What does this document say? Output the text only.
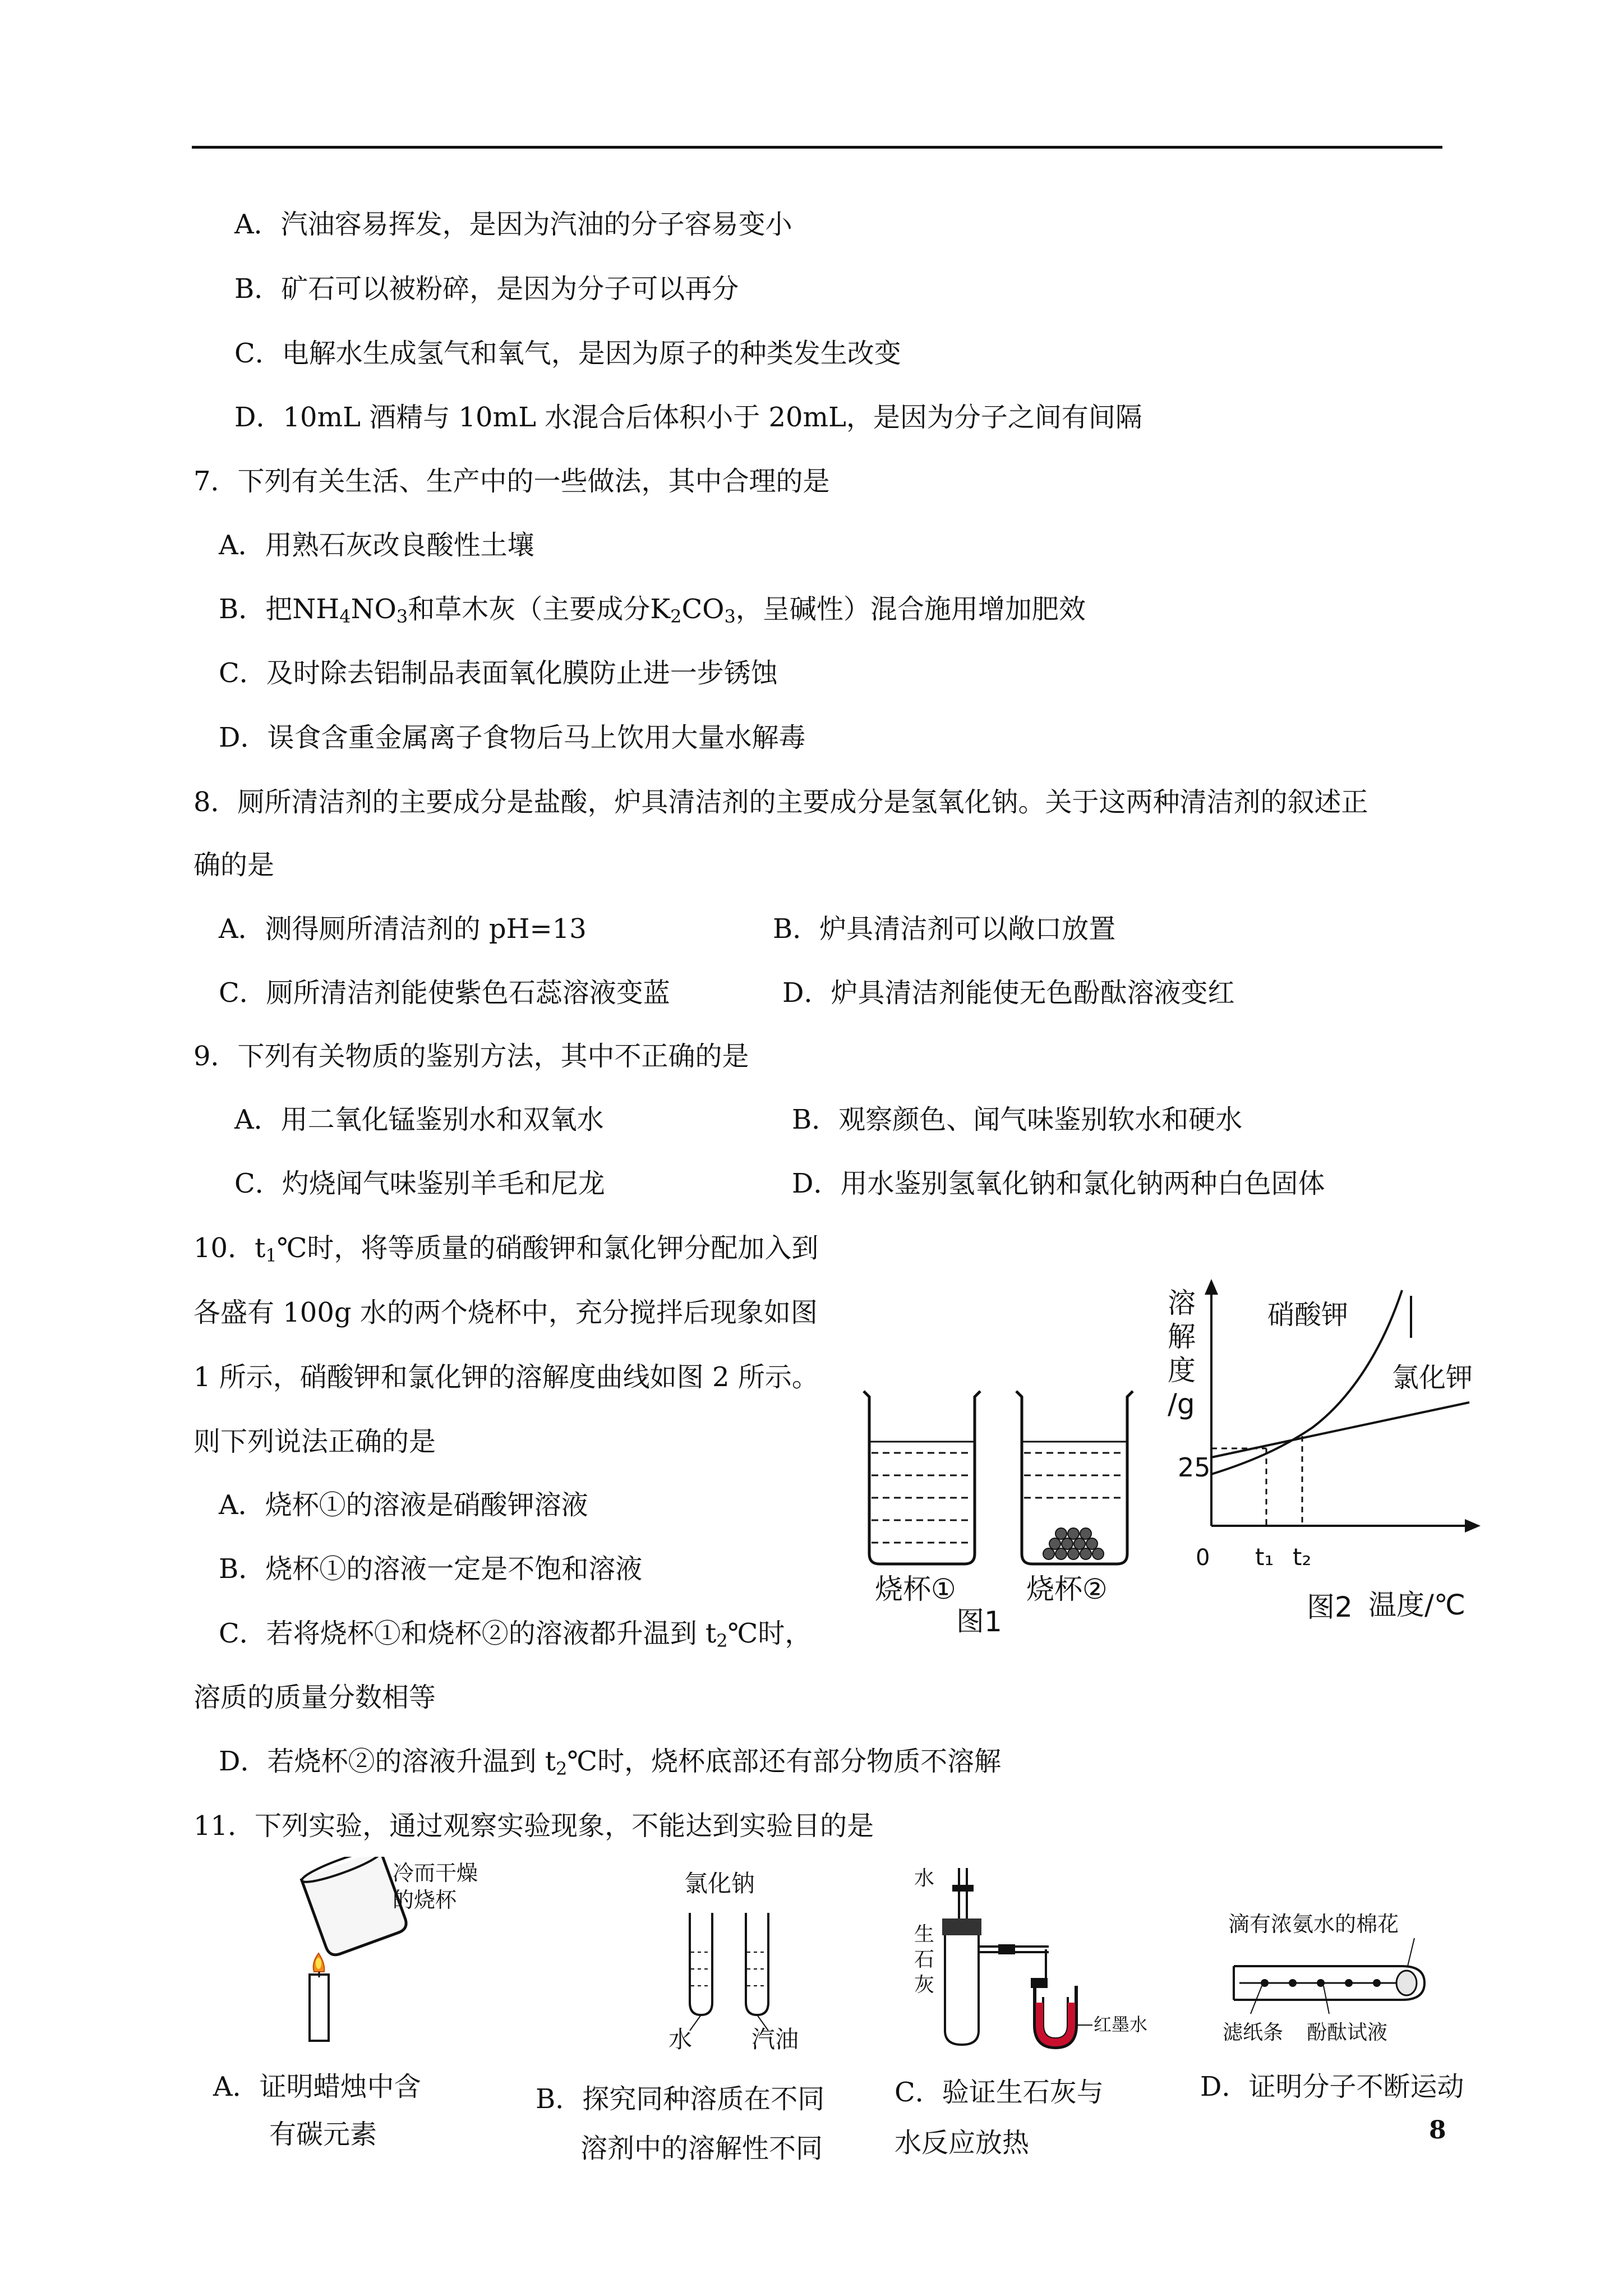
A．汽油容易挥发，是因为汽油的分子容易变小
B．矿石可以被粉碎，是因为分子可以再分
C．电解水生成氢气和氧气，是因为原子的种类发生改变
D．10mL 酒精与 10mL 水混合后体积小于 20mL，是因为分子之间有间隔
7．下列有关生活、生产中的一些做法，其中合理的是
A．用熟石灰改良酸性土壤
B．把$NH_4NO_3$和草木灰（主要成分$K_2CO_3$，呈碱性）混合施用增加肥效
C．及时除去铝制品表面氧化膜防止进一步锈蚀
D．误食含重金属离子食物后马上饮用大量水解毒
8．厕所清洁剂的主要成分是盐酸，炉具清洁剂的主要成分是氢氧化钠。关于这两种清洁剂的叙述正
确的是
A．测得厕所清洁剂的 pH=13	B．炉具清洁剂可以敞口放置
C．厕所清洁剂能使紫色石蕊溶液变蓝	D．炉具清洁剂能使无色酚酞溶液变红
9．下列有关物质的鉴别方法，其中不正确的是
A．用二氧化锰鉴别水和双氧水	B．观察颜色、闻气味鉴别软水和硬水
C．灼烧闻气味鉴别羊毛和尼龙	D．用水鉴别氢氧化钠和氯化钠两种白色固体
10．$t_1℃$时，将等质量的硝酸钾和氯化钾分配加入到
各盛有 100g 水的两个烧杯中，充分搅拌后现象如图
1 所示，硝酸钾和氯化钾的溶解度曲线如图 2 所示。
则下列说法正确的是
A．烧杯①的溶液是硝酸钾溶液
B．烧杯①的溶液一定是不饱和溶液
C．若将烧杯①和烧杯②的溶液都升温到 $t_2℃$时，
溶质的质量分数相等
D．若烧杯②的溶液升温到 $t_2℃$时，烧杯底部还有部分物质不溶解
烧杯①	烧杯②
图1
溶
解
度
/g
25
0 t₁ t₂
温度/℃
硝酸钾
氯化钾
图2
11．下列实验，通过观察实验现象，不能达到实验目的是
冷而干燥
的烧杯
A．证明蜡烛中含
有碳元素
氯化钠
水	汽油
B．探究同种溶质在不同
溶剂中的溶解性不同
水
生
石
灰
红墨水
C．验证生石灰与
水反应放热
滴有浓氨水的棉花
滤纸条 酚酞试液
D．证明分子不断运动
8
